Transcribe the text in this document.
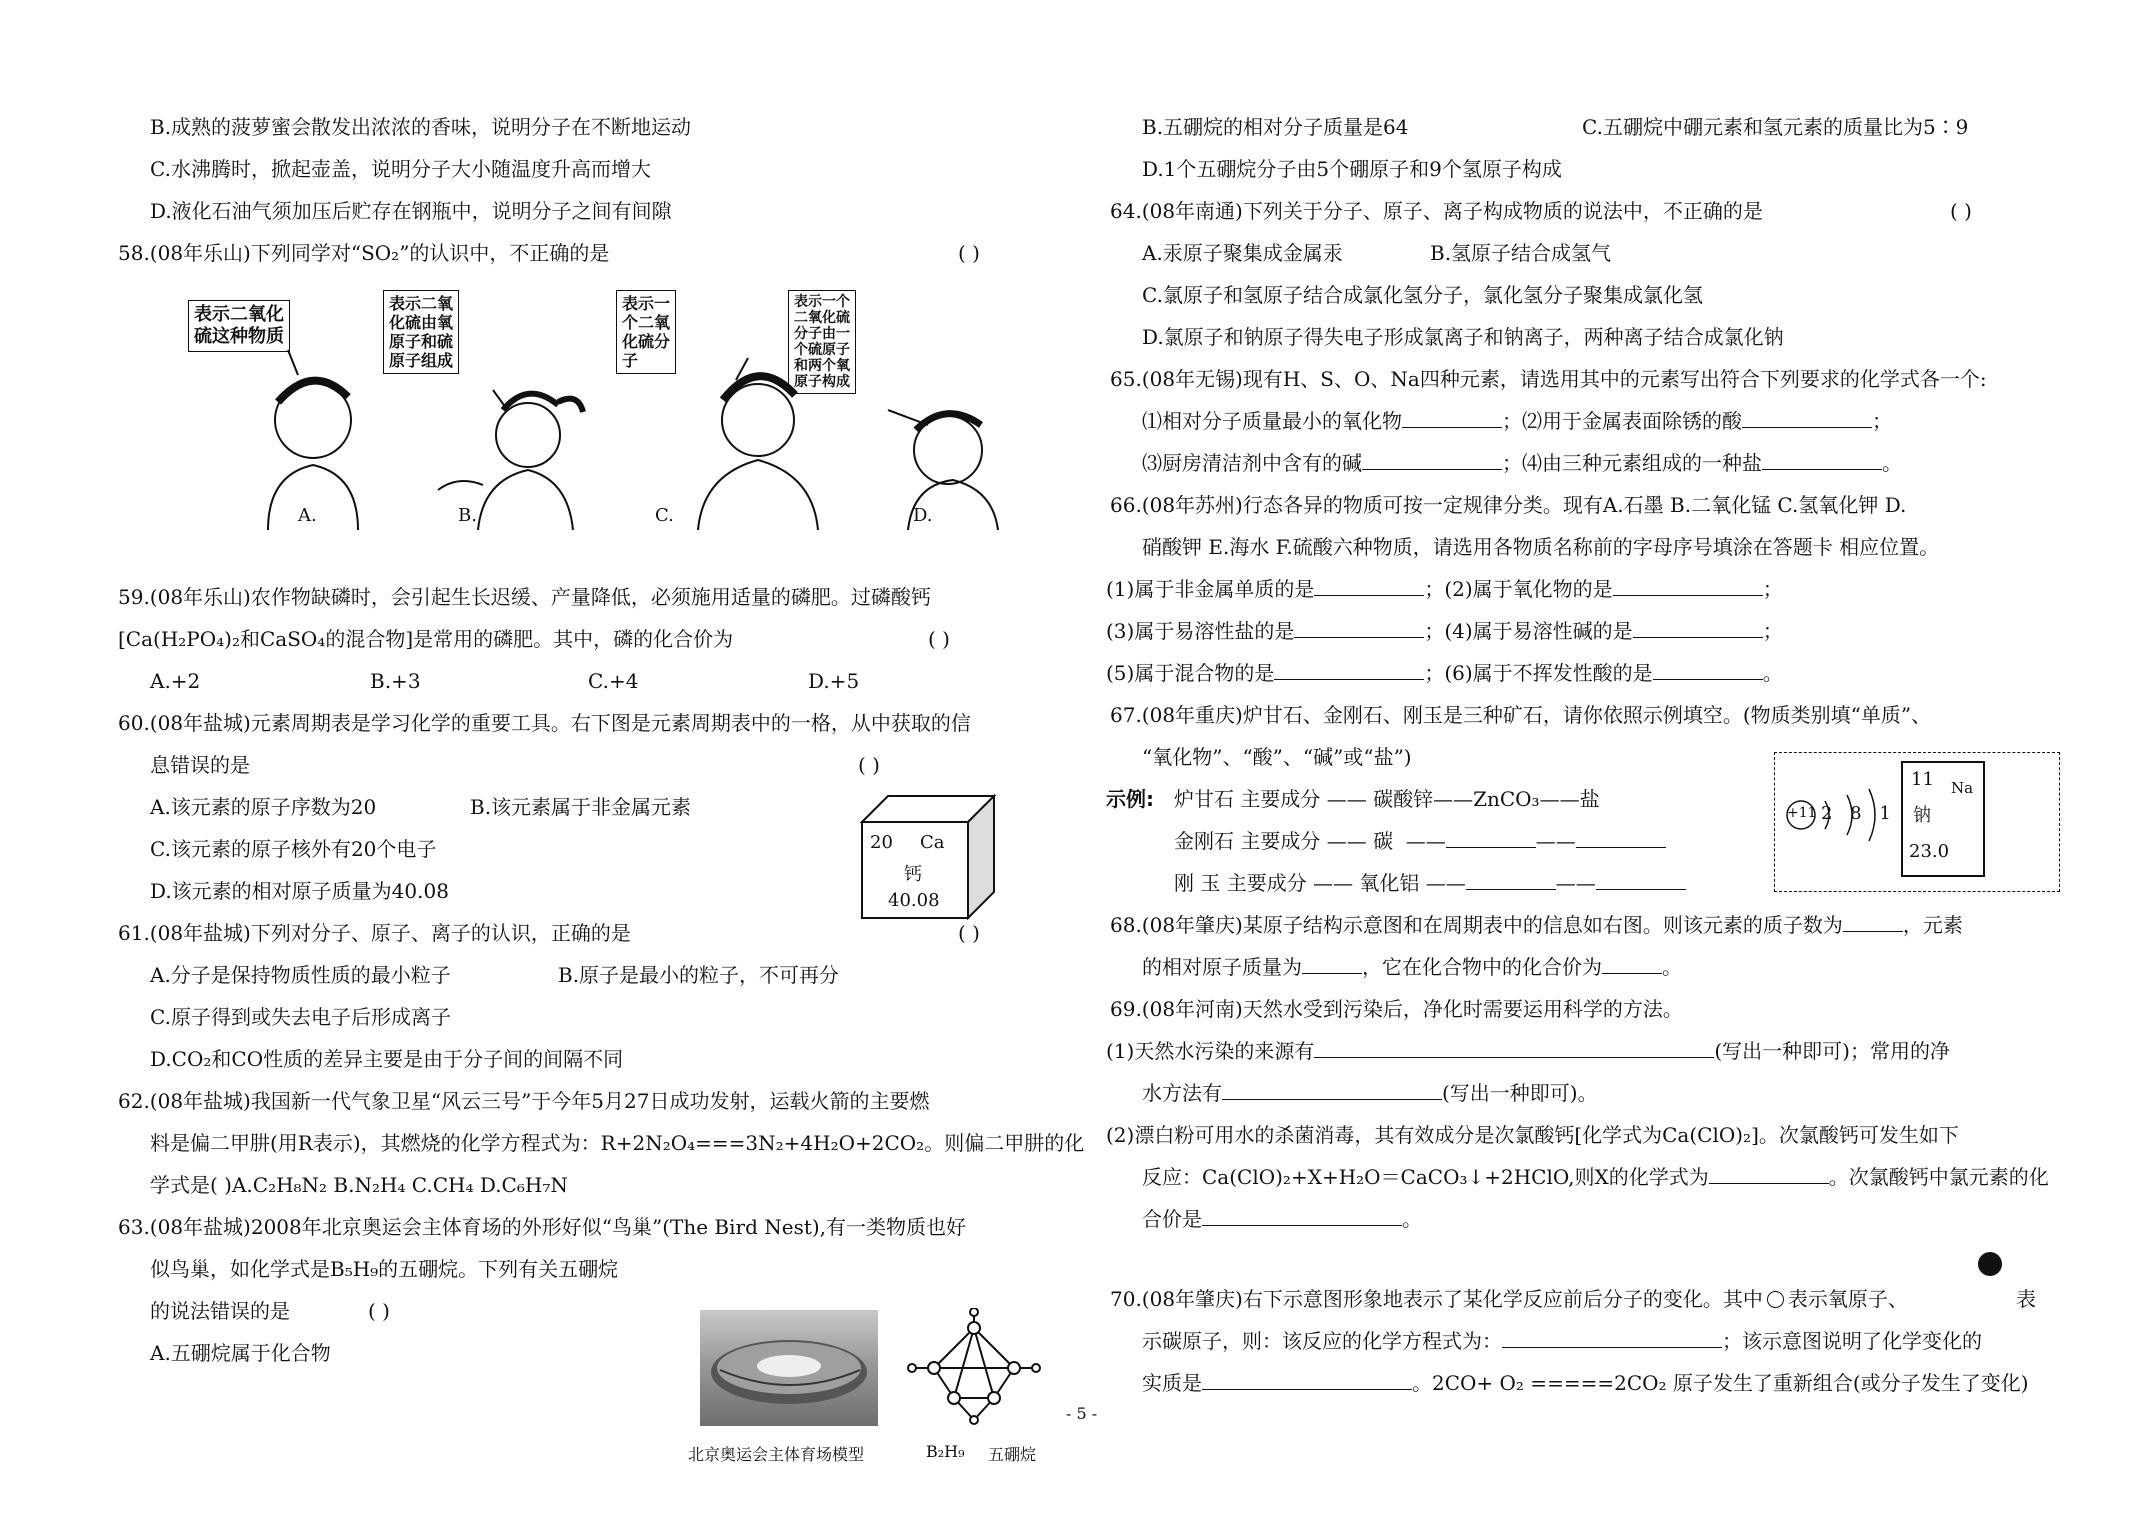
B.成熟的菠萝蜜会散发出浓浓的香味，说明分子在不断地运动
C.水沸腾时，掀起壶盖，说明分子大小随温度升高而增大
D.液化石油气须加压后贮存在钢瓶中，说明分子之间有间隙
58.(08年乐山)下列同学对“SO₂”的认识中，不正确的是	( )
表示二氧化
硫这种物质
表示二氧
化硫由氧
原子和硫
原子组成
表示一
个二氧
化硫分
子
表示一个
二氧化硫
分子由一
个硫原子
和两个氧
原子构成
A.	B.	C.	D.
59.(08年乐山)农作物缺磷时，会引起生长迟缓、产量降低，必须施用适量的磷肥。过磷酸钙
[Ca(H₂PO₄)₂和CaSO₄的混合物]是常用的磷肥。其中，磷的化合价为	( )
A.+2	B.+3	C.+4	D.+5
60.(08年盐城)元素周期表是学习化学的重要工具。右下图是元素周期表中的一格，从中获取的信
息错误的是	( )
A.该元素的原子序数为20	B.该元素属于非金属元素
C.该元素的原子核外有20个电子
D.该元素的相对原子质量为40.08
20 Ca
钙
40.08
61.(08年盐城)下列对分子、原子、离子的认识，正确的是	( )
A.分子是保持物质性质的最小粒子	B.原子是最小的粒子，不可再分
C.原子得到或失去电子后形成离子
D.CO₂和CO性质的差异主要是由于分子间的间隔不同
62.(08年盐城)我国新一代气象卫星“风云三号”于今年5月27日成功发射，运载火箭的主要燃
料是偏二甲肼(用R表示)，其燃烧的化学方程式为：R+2N₂O₄===3N₂+4H₂O+2CO₂。则偏二甲肼的化
学式是( )A.C₂H₈N₂ B.N₂H₄ C.CH₄ D.C₆H₇N
63.(08年盐城)2008年北京奥运会主体育场的外形好似“鸟巢”(The Bird Nest),有一类物质也好
似鸟巢，如化学式是B₅H₉的五硼烷。下列有关五硼烷
的说法错误的是	( )
A.五硼烷属于化合物
北京奥运会主体育场模型	B₂H₉ 五硼烷
- 5 -
B.五硼烷的相对分子质量是64	C.五硼烷中硼元素和氢元素的质量比为5∶9
D.1个五硼烷分子由5个硼原子和9个氢原子构成
64.(08年南通)下列关于分子、原子、离子构成物质的说法中，不正确的是	( )
A.汞原子聚集成金属汞	B.氢原子结合成氢气
C.氯原子和氢原子结合成氯化氢分子，氯化氢分子聚集成氯化氢
D.氯原子和钠原子得失电子形成氯离子和钠离子，两种离子结合成氯化钠
65.(08年无锡)现有H、S、O、Na四种元素，请选用其中的元素写出符合下列要求的化学式各一个:
⑴相对分子质量最小的氧化物	；⑵用于金属表面除锈的酸	；
⑶厨房清洁剂中含有的碱	；⑷由三种元素组成的一种盐	。
66.(08年苏州)行态各异的物质可按一定规律分类。现有A.石墨 B.二氧化锰 C.氢氧化钾 D.
硝酸钾 E.海水 F.硫酸六种物质，请选用各物质名称前的字母序号填涂在答题卡 相应位置。
(1)属于非金属单质的是	；(2)属于氧化物的是	；
(3)属于易溶性盐的是	；(4)属于易溶性碱的是	；
(5)属于混合物的是	；(6)属于不挥发性酸的是	。
67.(08年重庆)炉甘石、金刚石、刚玉是三种矿石，请你依照示例填空。(物质类别填“单质”、
“氧化物”、“酸”、“碱”或“盐”)
示例: 炉甘石 主要成分 —— 碳酸锌——ZnCO₃——盐
金刚石 主要成分 —— 碳  ——	——
刚 玉 主要成分 —— 氧化铝 ——	——
+11 2 8 1
11 Na
钠
23.0
68.(08年肇庆)某原子结构示意图和在周期表中的信息如右图。则该元素的质子数为	，元素
的相对原子质量为	，它在化合物中的化合价为	。
69.(08年河南)天然水受到污染后，净化时需要运用科学的方法。
(1)天然水污染的来源有	(写出一种即可)；常用的净
水方法有	(写出一种即可)。
(2)漂白粉可用水的杀菌消毒，其有效成分是次氯酸钙[化学式为Ca(ClO)₂]。次氯酸钙可发生如下
反应：Ca(ClO)₂+X+H₂O＝CaCO₃↓+2HClO,则X的化学式为	。次氯酸钙中氯元素的化
合价是	。
70.(08年肇庆)右下示意图形象地表示了某化学反应前后分子的变化。其中 表示氧原子、	表
示碳原子，则：该反应的化学方程式为：	；该示意图说明了化学变化的
实质是	。2CO+ O₂ =====2CO₂ 原子发生了重新组合(或分子发生了变化)
